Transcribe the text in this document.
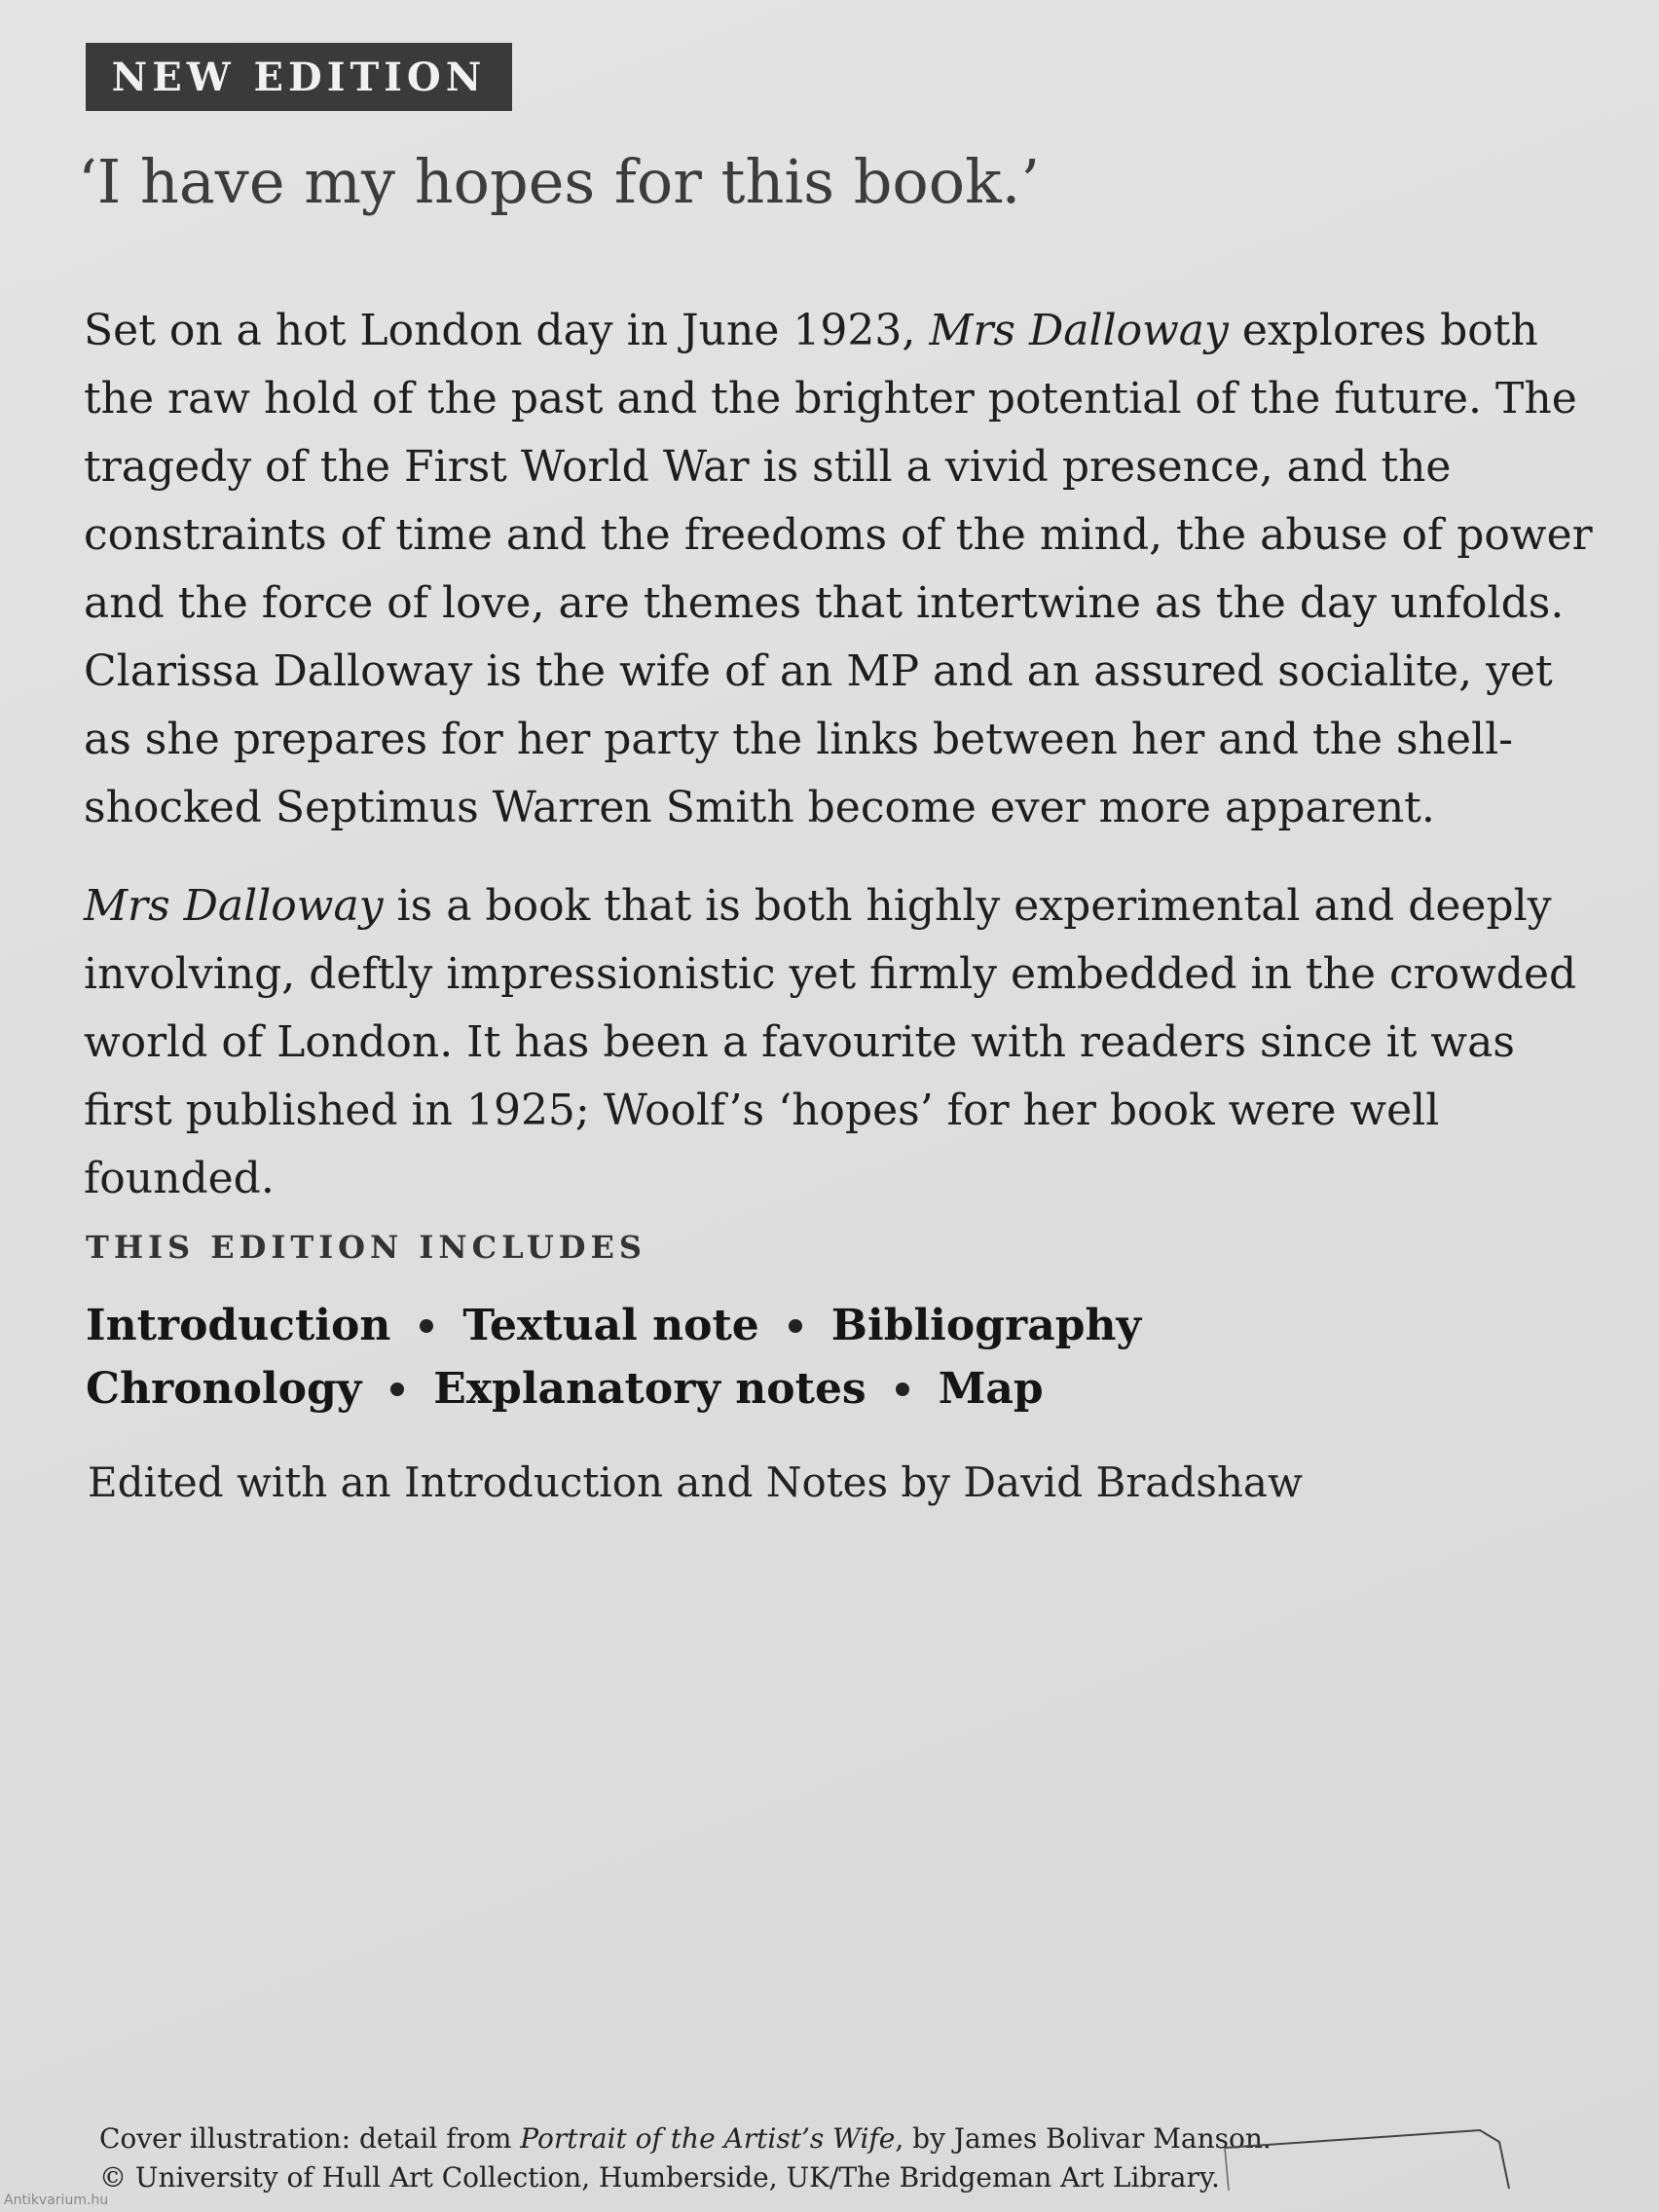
NEW EDITION
‘I have my hopes for this book.’

Set on a hot London day in June 1923, Mrs Dalloway explores both the raw hold of the past and the brighter potential of the future. The tragedy of the First World War is still a vivid presence, and the constraints of time and the freedoms of the mind, the abuse of power and the force of love, are themes that intertwine as the day unfolds. Clarissa Dalloway is the wife of an MP and an assured socialite, yet as she prepares for her party the links between her and the shell-shocked Septimus Warren Smith become ever more apparent.

Mrs Dalloway is a book that is both highly experimental and deeply involving, deftly impressionistic yet firmly embedded in the crowded world of London. It has been a favourite with readers since it was first published in 1925; Woolf’s ‘hopes’ for her book were well founded.

THIS EDITION INCLUDES
Introduction Textual note Bibliography
Chronology Explanatory notes Map
Edited with an Introduction and Notes by David Bradshaw
Cover illustration: detail from Portrait of the Artist’s Wife, by James Bolivar Manson.
© University of Hull Art Collection, Humberside, UK/The Bridgeman Art Library.
Antikvarium.hu
